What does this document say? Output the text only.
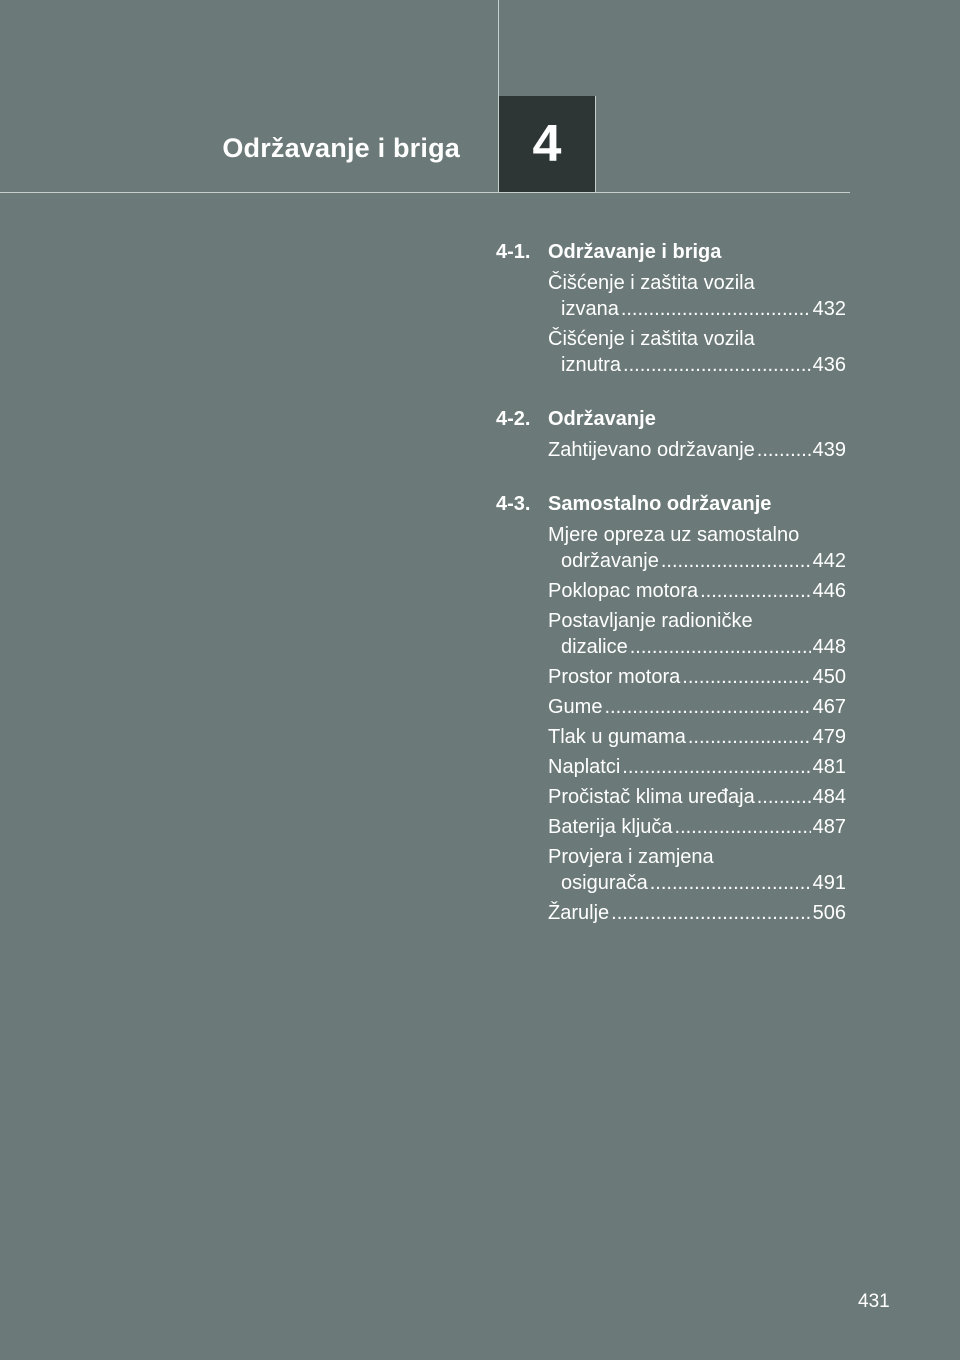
Održavanje i briga	4
4-1. Održavanje i briga
Čišćenje i zaštita vozila
izvana .....	432
Čišćenje i zaštita vozila
iznutra .....	436
4-2. Održavanje
Zahtijevano održavanje .....	439
4-3. Samostalno održavanje
Mjere opreza uz samostalno
održavanje .....	442
Poklopac motora .....	446
Postavljanje radioničke
dizalice .....	448
Prostor motora .....	450
Gume .....	467
Tlak u gumama .....	479
Naplatci .....	481
Pročistač klima uređaja .....	484
Baterija ključa .....	487
Provjera i zamjena
osigurača .....	491
Žarulje .....	506
431
